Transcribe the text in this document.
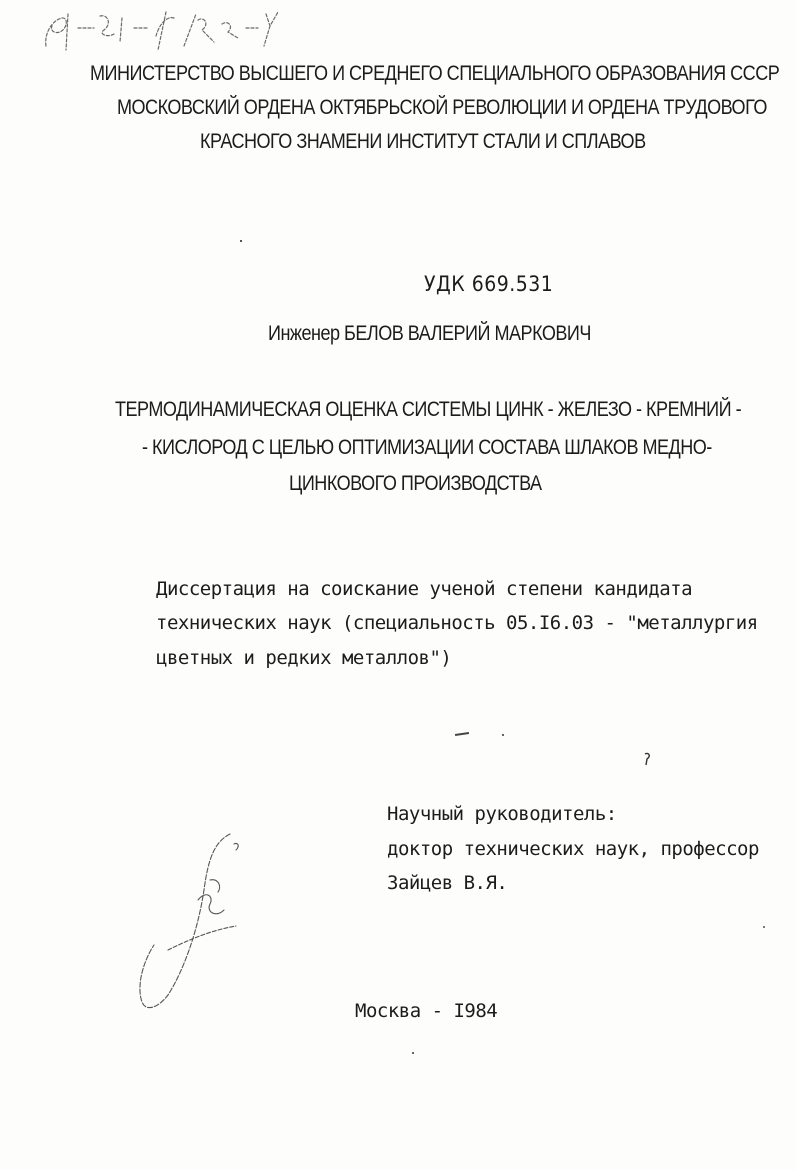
Ф-II-6/89-У
МИНИСТЕРСТВО ВЫСШЕГО И СРЕДНЕГО СПЕЦИАЛЬНОГО ОБРАЗОВАНИЯ СССР
МОСКОВСКИЙ ОРДЕНА ОКТЯБРЬСКОЙ РЕВОЛЮЦИИ И ОРДЕНА ТРУДОВОГО
КРАСНОГО ЗНАМЕНИ ИНСТИТУТ СТАЛИ И СПЛАВОВ
УДК 669.531
Инженер БЕЛОВ ВАЛЕРИЙ МАРКОВИЧ
ТЕРМОДИНАМИЧЕСКАЯ ОЦЕНКА СИСТЕМЫ ЦИНК - ЖЕЛЕЗО - КРЕМНИЙ -
- КИСЛОРОД С ЦЕЛЬЮ ОПТИМИЗАЦИИ СОСТАВА ШЛАКОВ МЕДНО-
ЦИНКОВОГО ПРОИЗВОДСТВА
Диссертация на соискание ученой степени кандидата
технических наук (специальность 05.I6.03 - "металлургия
цветных и редких металлов")
Научный руководитель:
доктор технических наук, профессор
Зайцев В.Я.
Москва - I984
